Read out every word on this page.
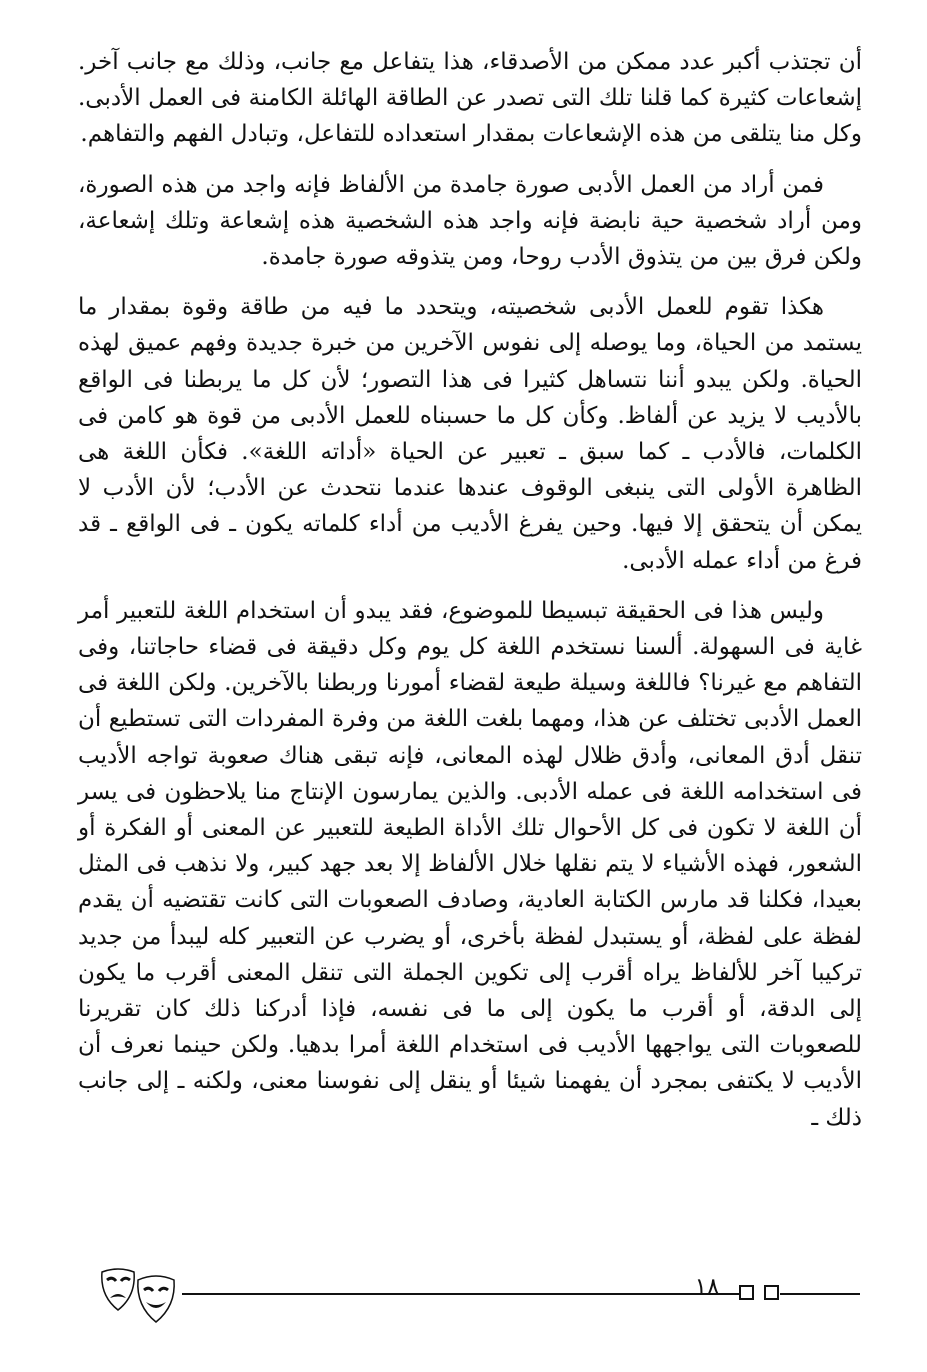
أن تجتذب أكبر عدد ممكن من الأصدقاء، هذا يتفاعل مع جانب، وذلك مع جانب آخر. إشعاعات كثيرة كما قلنا تلك التى تصدر عن الطاقة الهائلة الكامنة فى العمل الأدبى. وكل منا يتلقى من هذه الإشعاعات بمقدار استعداده للتفاعل، وتبادل الفهم والتفاهم.

فمن أراد من العمل الأدبى صورة جامدة من الألفاظ فإنه واجد من هذه الصورة، ومن أراد شخصية حية نابضة فإنه واجد هذه الشخصية هذه إشعاعة وتلك إشعاعة، ولكن فرق بين من يتذوق الأدب روحا، ومن يتذوقه صورة جامدة.

هكذا تقوم للعمل الأدبى شخصيته، ويتحدد ما فيه من طاقة وقوة بمقدار ما يستمد من الحياة، وما يوصله إلى نفوس الآخرين من خبرة جديدة وفهم عميق لهذه الحياة. ولكن يبدو أننا نتساهل كثيرا فى هذا التصور؛ لأن كل ما يربطنا فى الواقع بالأديب لا يزيد عن ألفاظ. وكأن كل ما حسبناه للعمل الأدبى من قوة هو كامن فى الكلمات، فالأدب ـ كما سبق ـ تعبير عن الحياة «أداته اللغة». فكأن اللغة هى الظاهرة الأولى التى ينبغى الوقوف عندها عندما نتحدث عن الأدب؛ لأن الأدب لا يمكن أن يتحقق إلا فيها. وحين يفرغ الأديب من أداء كلماته يكون ـ فى الواقع ـ قد فرغ من أداء عمله الأدبى.

وليس هذا فى الحقيقة تبسيطا للموضوع، فقد يبدو أن استخدام اللغة للتعبير أمر غاية فى السهولة. ألسنا نستخدم اللغة كل يوم وكل دقيقة فى قضاء حاجاتنا، وفى التفاهم مع غيرنا؟ فاللغة وسيلة طيعة لقضاء أمورنا وربطنا بالآخرين. ولكن اللغة فى العمل الأدبى تختلف عن هذا، ومهما بلغت اللغة من وفرة المفردات التى تستطيع أن تنقل أدق المعانى، وأدق ظلال لهذه المعانى، فإنه تبقى هناك صعوبة تواجه الأديب فى استخدامه اللغة فى عمله الأدبى. والذين يمارسون الإنتاج منا يلاحظون فى يسر أن اللغة لا تكون فى كل الأحوال تلك الأداة الطيعة للتعبير عن المعنى أو الفكرة أو الشعور، فهذه الأشياء لا يتم نقلها خلال الألفاظ إلا بعد جهد كبير، ولا نذهب فى المثل بعيدا، فكلنا قد مارس الكتابة العادية، وصادف الصعوبات التى كانت تقتضيه أن يقدم لفظة على لفظة، أو يستبدل لفظة بأخرى، أو يضرب عن التعبير كله ليبدأ من جديد تركيبا آخر للألفاظ يراه أقرب إلى تكوين الجملة التى تنقل المعنى أقرب ما يكون إلى الدقة، أو أقرب ما يكون إلى ما فى نفسه، فإذا أدركنا ذلك كان تقريرنا للصعوبات التى يواجهها الأديب فى استخدام اللغة أمرا بدهيا. ولكن حينما نعرف أن الأديب لا يكتفى بمجرد أن يفهمنا شيئا أو ينقل إلى نفوسنا معنى، ولكنه ـ إلى جانب ذلك ـ

١٨
